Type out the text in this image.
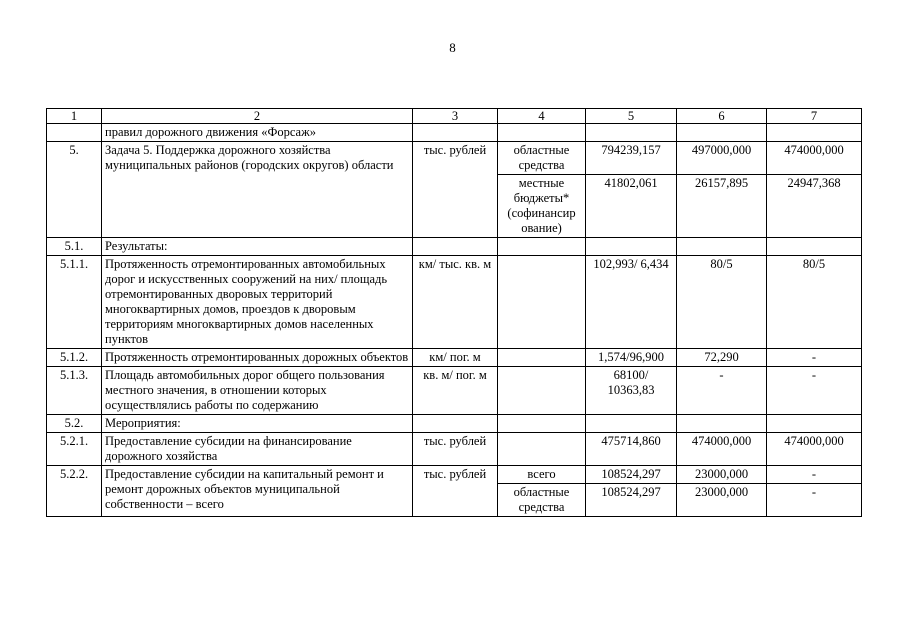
8
1	2	3	4	5	6	7
	правил дорожного движения «Форсаж»					
5.	Задача 5. Поддержка дорожного хозяйства муниципальных районов (городских округов) области	тыс. рублей	областные средства	794239,157	497000,000	474000,000
			местные бюджеты* (софинансир ование)	41802,061	26157,895	24947,368
5.1.	Результаты:					
5.1.1.	Протяженность отремонтированных автомобильных дорог и искусственных сооружений на них/ площадь отремонтированных дворовых территорий многоквартирных домов, проездов к дворовым территориям многоквартирных домов населенных пунктов	км/ тыс. кв. м		102,993/ 6,434	80/5	80/5
5.1.2.	Протяженность отремонтированных дорожных объектов	км/ пог. м		1,574/96,900	72,290	-
5.1.3.	Площадь автомобильных дорог общего пользования местного значения, в отношении которых осуществлялись работы по содержанию	кв. м/ пог. м		68100/ 10363,83	-	-
5.2.	Мероприятия:					
5.2.1.	Предоставление субсидии на финансирование дорожного хозяйства	тыс. рублей		475714,860	474000,000	474000,000
5.2.2.	Предоставление субсидии на капитальный ремонт и ремонт дорожных объектов муниципальной собственности – всего	тыс. рублей	всего	108524,297	23000,000	-
			областные средства	108524,297	23000,000	-
